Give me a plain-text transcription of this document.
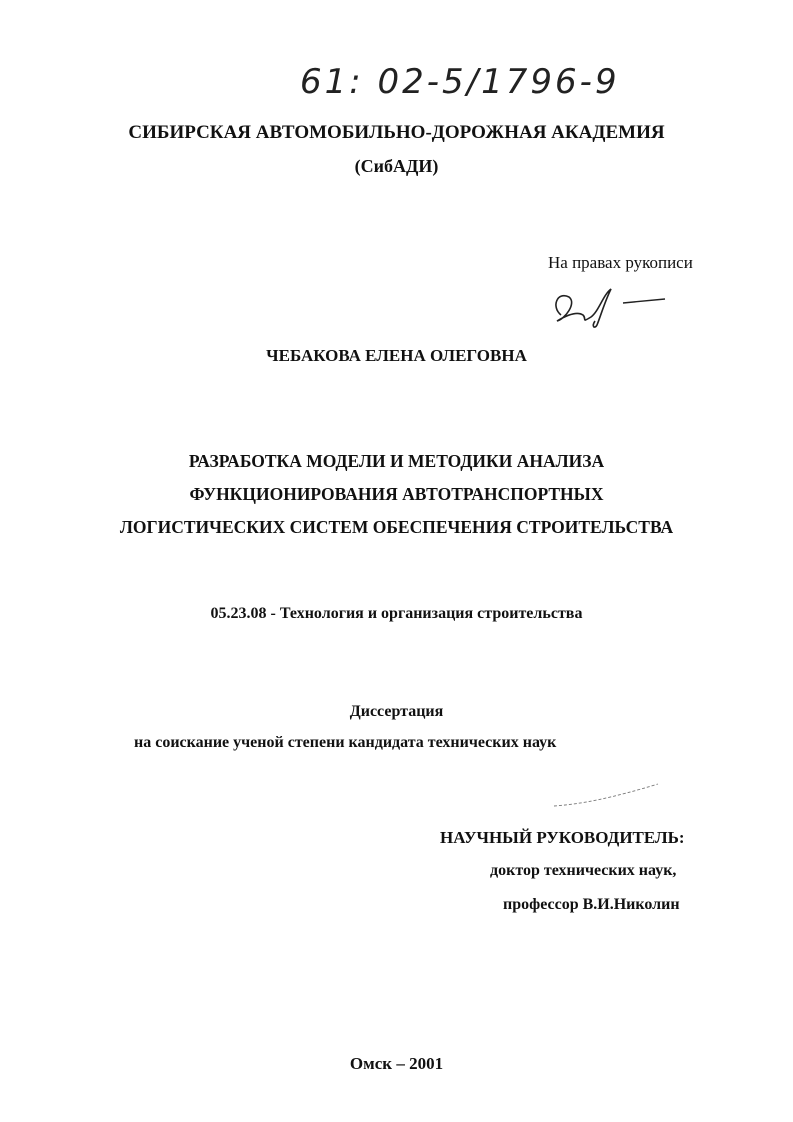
61: 02-5/1796-9
СИБИРСКАЯ АВТОМОБИЛЬНО-ДОРОЖНАЯ АКАДЕМИЯ
(СибАДИ)
На правах рукописи
ЧЕБАКОВА ЕЛЕНА ОЛЕГОВНА
РАЗРАБОТКА МОДЕЛИ И МЕТОДИКИ АНАЛИЗА
ФУНКЦИОНИРОВАНИЯ АВТОТРАНСПОРТНЫХ
ЛОГИСТИЧЕСКИХ СИСТЕМ ОБЕСПЕЧЕНИЯ СТРОИТЕЛЬСТВА
05.23.08 - Технология и организация строительства
Диссертация
на соискание ученой степени кандидата технических наук
НАУЧНЫЙ РУКОВОДИТЕЛЬ:
доктор технических наук,
профессор В.И.Николин
Омск – 2001
